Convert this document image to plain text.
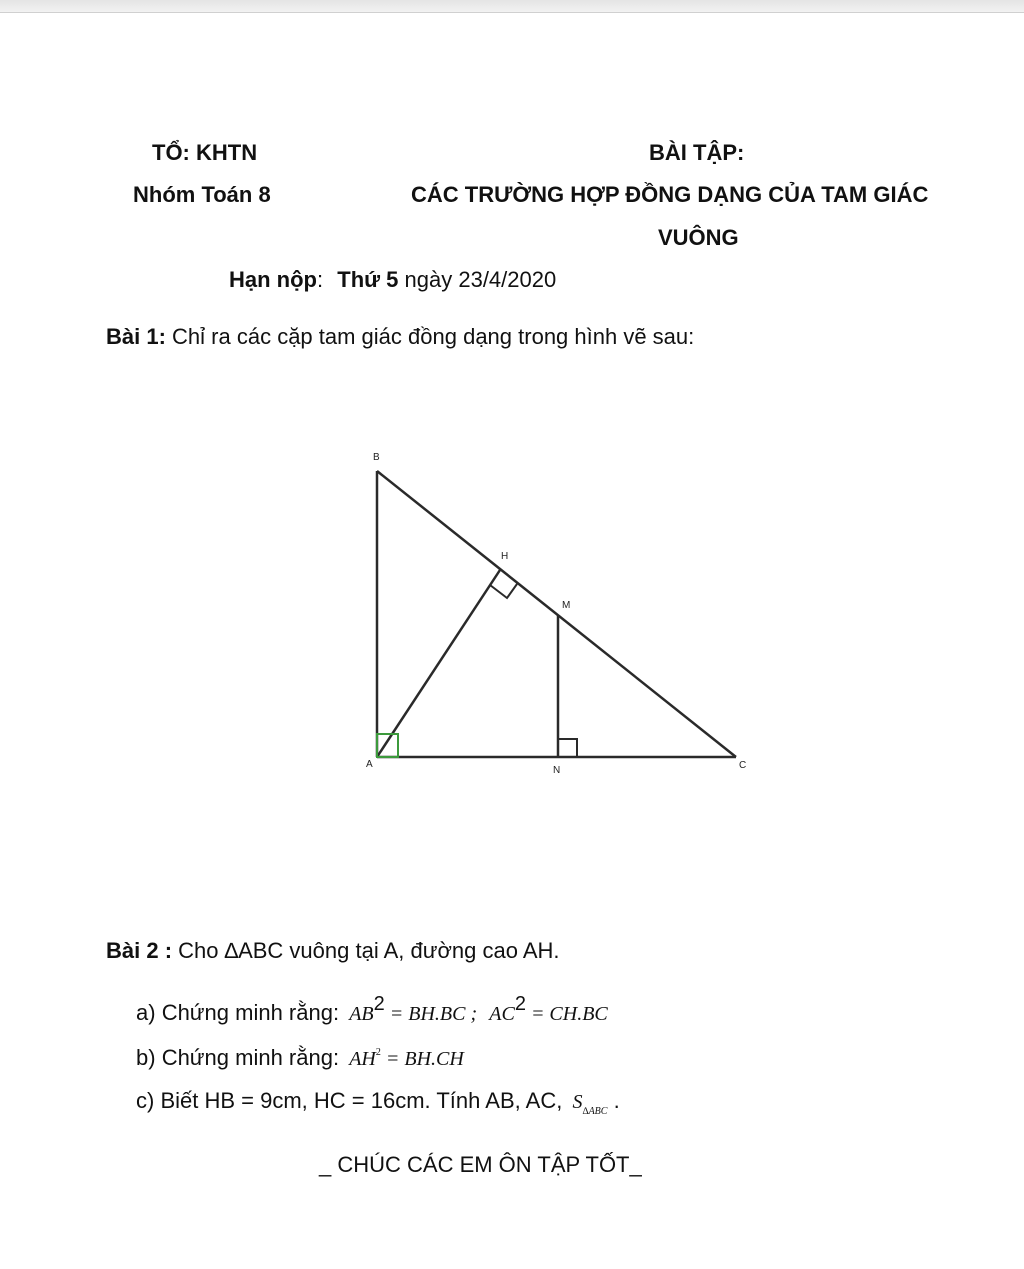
TỔ: KHTN
Nhóm Toán 8
BÀI TẬP:
CÁC TRƯỜNG HỢP ĐỒNG DẠNG CỦA TAM GIÁC
VUÔNG
Hạn nộp: Thứ 5 ngày 23/4/2020
Bài 1: Chỉ ra các cặp tam giác đồng dạng trong hình vẽ sau:
B
H
M
A
N	C
Bài 2 : Cho ∆ABC vuông tại A, đường cao AH.
a) Chứng minh rằng: AB2 = BH.BC ; AC2 = CH.BC
b) Chứng minh rằng: $AH^2 = BH.CH$
c) Biết HB = 9cm, HC = 16cm. Tính AB, AC, $S_{\Delta ABC}$ .
_ CHÚC CÁC EM ÔN TẬP TỐT_
